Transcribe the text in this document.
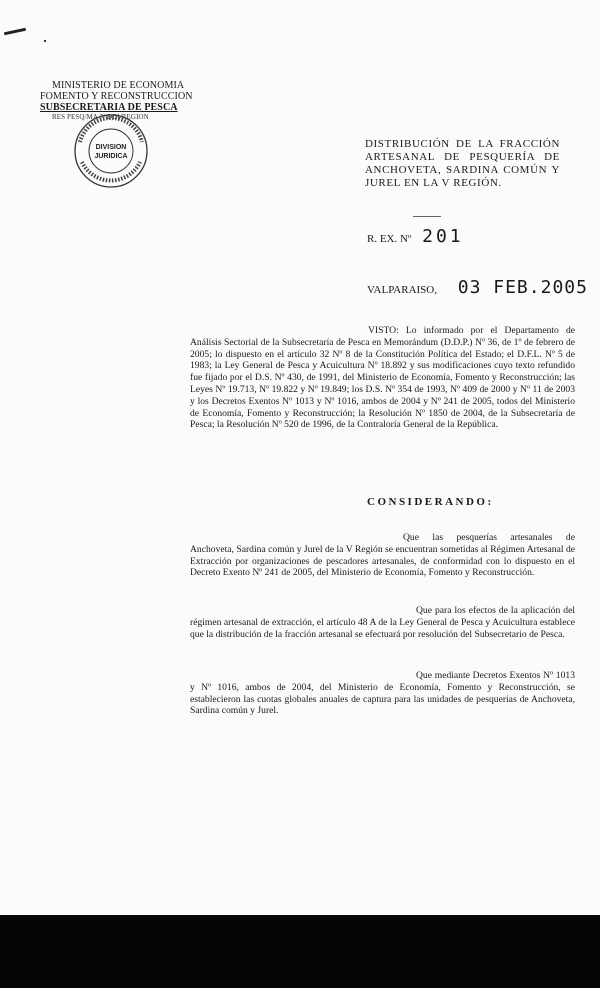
MINISTERIO DE ECONOMIA
FOMENTO Y RECONSTRUCCION
SUBSECRETARIA DE PESCA
RES PESQ/MA 7/ DDI/REGION
DIVISION
JURIDICA
DISTRIBUCIÓN DE LA FRACCIÓN ARTESANAL DE PESQUERÍA DE ANCHOVETA, SARDINA COMÚN Y JUREL EN LA V REGIÓN.
R. EX. Nº 201
VALPARAISO, 03 FEB.2005
VISTO: Lo informado por el Departamento de Análisis Sectorial de la Subsecretaría de Pesca en Memorándum (D.D.P.) Nº 36, de 1º de febrero de 2005; lo dispuesto en el artículo 32 Nº 8 de la Constitución Política del Estado; el D.F.L. Nº 5 de 1983; la Ley General de Pesca y Acuicultura Nº 18.892 y sus modificaciones cuyo texto refundido fue fijado por el D.S. Nº 430, de 1991, del Ministerio de Economía, Fomento y Reconstrucción; las Leyes Nº 19.713, Nº 19.822 y Nº 19.849; los D.S. Nº 354 de 1993, Nº 409 de 2000 y Nº 11 de 2003 y los Decretos Exentos Nº 1013 y Nº 1016, ambos de 2004 y Nº 241 de 2005, todos del Ministerio de Economía, Fomento y Reconstrucción; la Resolución Nº 1850 de 2004, de la Subsecretaría de Pesca; la Resolución Nº 520 de 1996, de la Contraloría General de la República.
CONSIDERANDO:
Que las pesquerías artesanales de Anchoveta, Sardina común y Jurel de la V Región se encuentran sometidas al Régimen Artesanal de Extracción por organizaciones de pescadores artesanales, de conformidad con lo dispuesto en el Decreto Exento Nº 241 de 2005, del Ministerio de Economía, Fomento y Reconstrucción.
Que para los efectos de la aplicación del régimen artesanal de extracción, el artículo 48 A de la Ley General de Pesca y Acuicultura establece que la distribución de la fracción artesanal se efectuará por resolución del Subsecretario de Pesca.
Que mediante Decretos Exentos Nº 1013 y Nº 1016, ambos de 2004, del Ministerio de Economía, Fomento y Reconstrucción, se establecieron las cuotas globales anuales de captura para las unidades de pesquerías de Anchoveta, Sardina común y Jurel.
